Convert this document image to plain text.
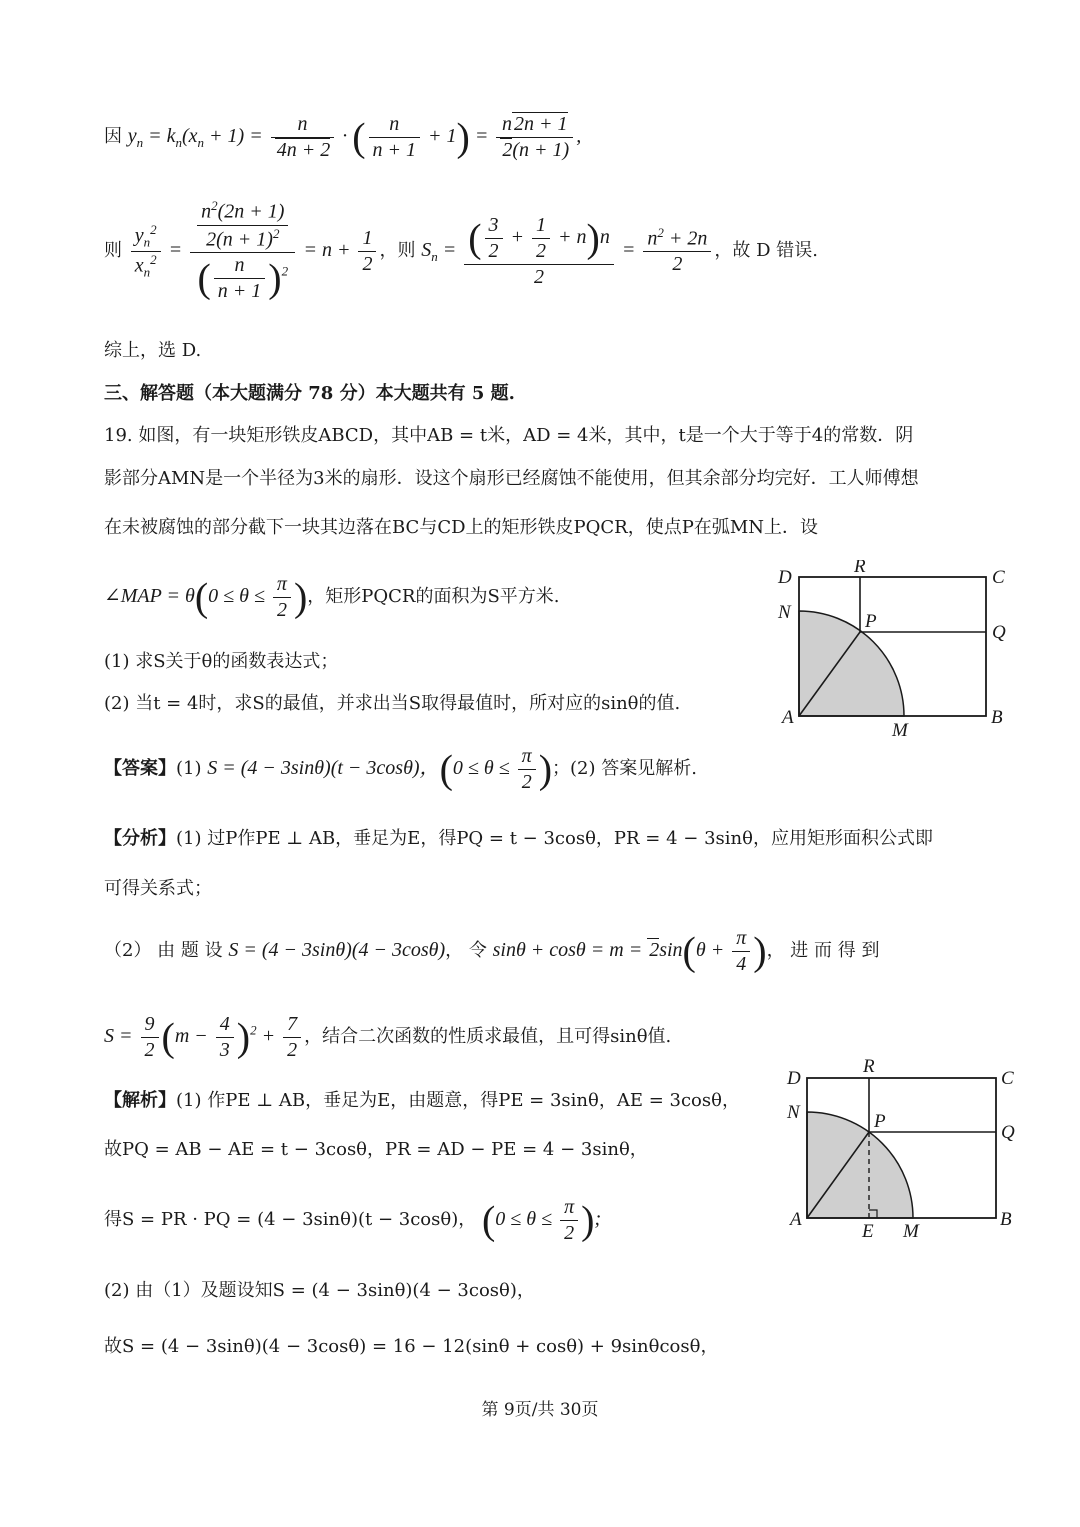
因 $y_n = k_n(x_n + 1) = \frac{n}{4n + 2}$ · ( $\frac{n}{n + 1} + 1) = \frac{n 2n + 1}{2(n + 1)}$ ,
则 $\frac{y_n^2}{x_n^2} = \frac{\frac{n^2(2n + 1)}{2(n + 1)^2}}{( \frac{n}{n + 1} )^2} = n + \frac{1}{2}$ ，则 $S_n = \frac{( \frac{3}{2} + \frac{1}{2} + n)n}{2} = \frac{n^2 + 2n}{2}$ ，故 D 错误.
综上，选 D.
三、解答题（本大题满分 78 分）本大题共有 5 题.
19. 如图，有一块矩形铁皮ABCD，其中AB = t米，AD = 4米，其中，t是一个大于等于4的常数．阴
影部分AMN是一个半径为3米的扇形．设这个扇形已经腐蚀不能使用，但其余部分均完好．工人师傅想
在未被腐蚀的部分截下一块其边落在BC与CD上的矩形铁皮PQCR，使点P在弧MN上．设
∠MAP = $\theta(0 \le \theta \le \frac{\pi}{2}$ )，矩形PQCR的面积为S平方米.
(1) 求S关于θ的函数表达式；
(2) 当t = 4时，求S的最值，并求出当S取得最值时，所对应的sinθ的值.
【答案】(1) S = (4 − 3sinθ)(t − 3cosθ)，($0 \le \theta \le \frac{\pi}{2}$ )；(2) 答案见解析.
【分析】(1) 过P作PE ⊥ AB，垂足为E，得PQ = t − 3cosθ，PR = 4 − 3sinθ，应用矩形面积公式即
可得关系式；
（2） 由 题 设 S = (4 − 3sinθ)(4 − 3cosθ)， 令 $\sin\theta + \cos\theta = m = 2\sin(\theta + \frac{\pi}{4}$ )， 进 而 得 到
$S = \frac{9}{2} (m - \frac{4}{3} )^2 + \frac{7}{2}$ ，结合二次函数的性质求最值，且可得sinθ值.
【解析】(1) 作PE ⊥ AB，垂足为E，由题意，得PE = 3sinθ，AE = 3cosθ，
故PQ = AB − AE = t − 3cosθ，PR = AD − PE = 4 − 3sinθ，
得S = PR · PQ = (4 − 3sinθ)(t − 3cosθ)， ($0 \le \theta \le \frac{\pi}{2}$ );
(2) 由（1）及题设知S = (4 − 3sinθ)(4 − 3cosθ)，
故S = (4 − 3sinθ)(4 − 3cosθ) = 16 − 12(sinθ + cosθ) + 9sinθcosθ，
D
R
C
N	P
Q
A
M
B
D
R
C
N	P
Q
A
E M
B
第 9页/共 30页
